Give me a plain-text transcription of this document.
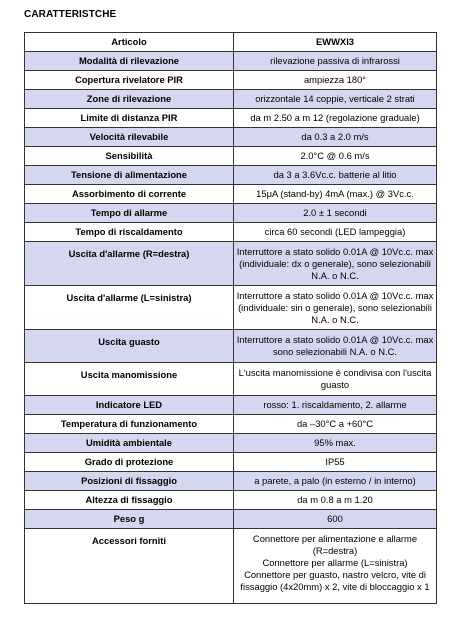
CARATTERISTCHE
Articolo	EWWXI3
Modalità di rilevazione	rilevazione passiva di infrarossi
Copertura rivelatore PIR	ampiezza 180°
Zone di rilevazione	orizzontale 14 coppie, verticale 2 strati
Limite di distanza PIR	da m 2.50 a m 12 (regolazione graduale)
Velocità rilevabile	da 0.3 a 2.0 m/s
Sensibilità	2.0°C @ 0.6 m/s
Tensione di alimentazione	da 3 a 3.6Vc.c. batterie al litio
Assorbimento di corrente	15μA (stand-by) 4mA (max.) @ 3Vc.c.
Tempo di allarme	2.0 ± 1 secondi
Tempo di riscaldamento	circa 60 secondi (LED lampeggia)
Uscita d'allarme (R=destra)	Interruttore a stato solido 0.01A @ 10Vc.c. max (individuale: dx o generale), sono selezionabili N.A. o N.C.
Uscita d'allarme (L=sinistra)	Interruttore a stato solido 0.01A @ 10Vc.c. max (individuale: sin o generale), sono selezionabili N.A. o N.C.
Uscita guasto	Interruttore a stato solido 0.01A @ 10Vc.c. max sono selezionabili N.A. o N.C.
Uscita manomissione	L'uscita manomissione è condivisa con l'uscita guasto
Indicatore LED	rosso: 1. riscaldamento, 2. allarme
Temperatura di funzionamento	da –30°C a +60°C
Umidità ambientale	95% max.
Grado di protezione	IP55
Posizioni di fissaggio	a parete, a palo (in esterno / in interno)
Altezza di fissaggio	da m 0.8 a m 1.20
Peso g	600
Accessori forniti	Connettore per alimentazione e allarme (R=destra)
Connettore per allarme (L=sinistra)
Connettore per guasto, nastro velcro, vite di fissaggio (4x20mm) x 2, vite di bloccaggio x 1
